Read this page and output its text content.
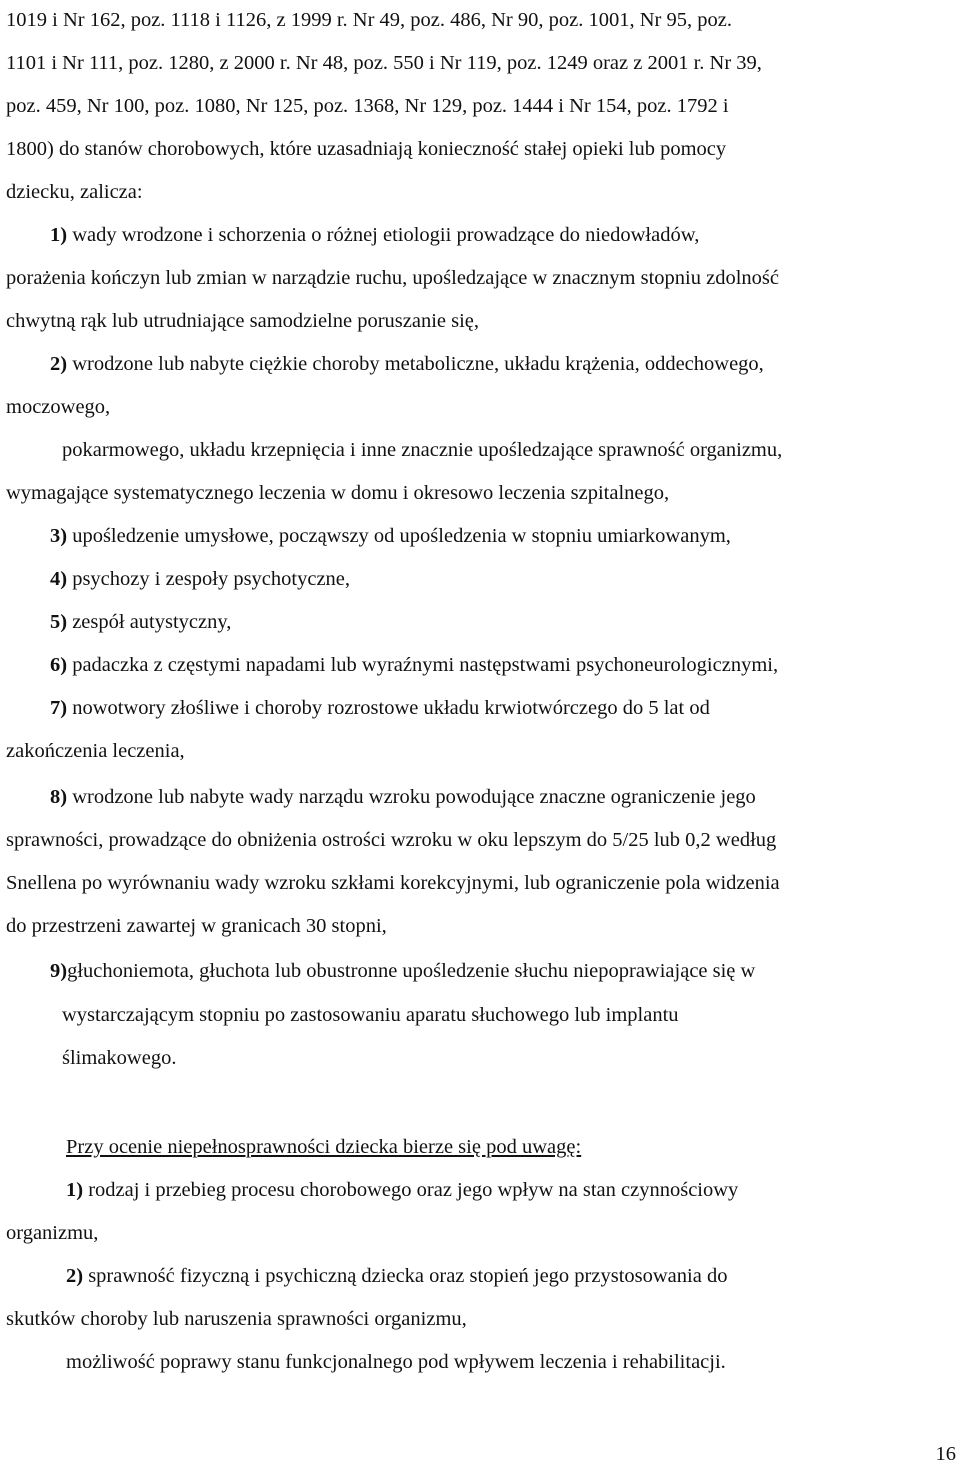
1019 i Nr 162, poz. 1118 i 1126, z 1999 r. Nr 49, poz. 486, Nr 90, poz. 1001, Nr 95, poz.
1101 i Nr 111, poz. 1280, z 2000 r. Nr 48, poz. 550 i Nr 119, poz. 1249 oraz z 2001 r. Nr 39,
poz. 459, Nr 100, poz. 1080, Nr 125, poz. 1368, Nr 129, poz. 1444 i Nr 154, poz. 1792 i
1800) do stanów chorobowych, które uzasadniają konieczność stałej opieki lub pomocy
dziecku, zalicza:
1) wady wrodzone i schorzenia o różnej etiologii prowadzące do niedowładów,
porażenia kończyn lub zmian w narządzie ruchu, upośledzające w znacznym stopniu zdolność
chwytną rąk lub utrudniające samodzielne poruszanie się,
2) wrodzone lub nabyte ciężkie choroby metaboliczne, układu krążenia, oddechowego,
moczowego,
pokarmowego, układu krzepnięcia i inne znacznie upośledzające sprawność organizmu,
wymagające systematycznego leczenia w domu i okresowo leczenia szpitalnego,
3) upośledzenie umysłowe, począwszy od upośledzenia w stopniu umiarkowanym,
4) psychozy i zespoły psychotyczne,
5) zespół autystyczny,
6) padaczka z częstymi napadami lub wyraźnymi następstwami psychoneurologicznymi,
7) nowotwory złośliwe i choroby rozrostowe układu krwiotwórczego do 5 lat od
zakończenia leczenia,
8) wrodzone lub nabyte wady narządu wzroku powodujące znaczne ograniczenie jego
sprawności, prowadzące do obniżenia ostrości wzroku w oku lepszym do 5/25 lub 0,2 według
Snellena po wyrównaniu wady wzroku szkłami korekcyjnymi, lub ograniczenie pola widzenia
do przestrzeni zawartej w granicach 30 stopni,
9)głuchoniemota, głuchota lub obustronne upośledzenie słuchu niepoprawiające się w
wystarczającym stopniu po zastosowaniu aparatu słuchowego lub implantu
ślimakowego.
Przy ocenie niepełnosprawności dziecka bierze się pod uwagę:
1) rodzaj i przebieg procesu chorobowego oraz jego wpływ na stan czynnościowy
organizmu,
2) sprawność fizyczną i psychiczną dziecka oraz stopień jego przystosowania do
skutków choroby lub naruszenia sprawności organizmu,
możliwość poprawy stanu funkcjonalnego pod wpływem leczenia i rehabilitacji.
16
